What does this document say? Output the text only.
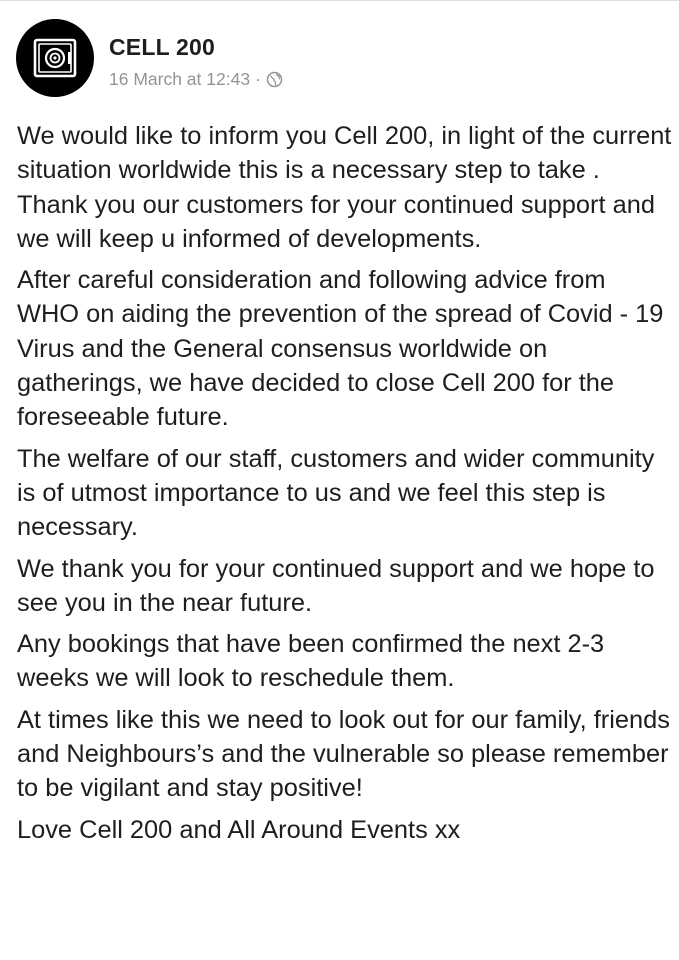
CELL 200
16 March at 12:43 ·

We would like to inform you Cell 200, in light of the current situation worldwide this is a necessary step to take . Thank you our customers for your continued support and we will keep u informed of developments.

After careful consideration and following advice from WHO on aiding the prevention of the spread of Covid - 19 Virus and the General consensus worldwide on gatherings, we have decided to close Cell 200 for the foreseeable future.

The welfare of our staff, customers and wider community is of utmost importance to us and we feel this step is necessary.

We thank you for your continued support and we hope to see you in the near future.

Any bookings that have been confirmed the next 2-3 weeks we will look to reschedule them.

At times like this we need to look out for our family, friends and Neighbours’s and the vulnerable so please remember to be vigilant and stay positive!

Love Cell 200 and All Around Events xx
